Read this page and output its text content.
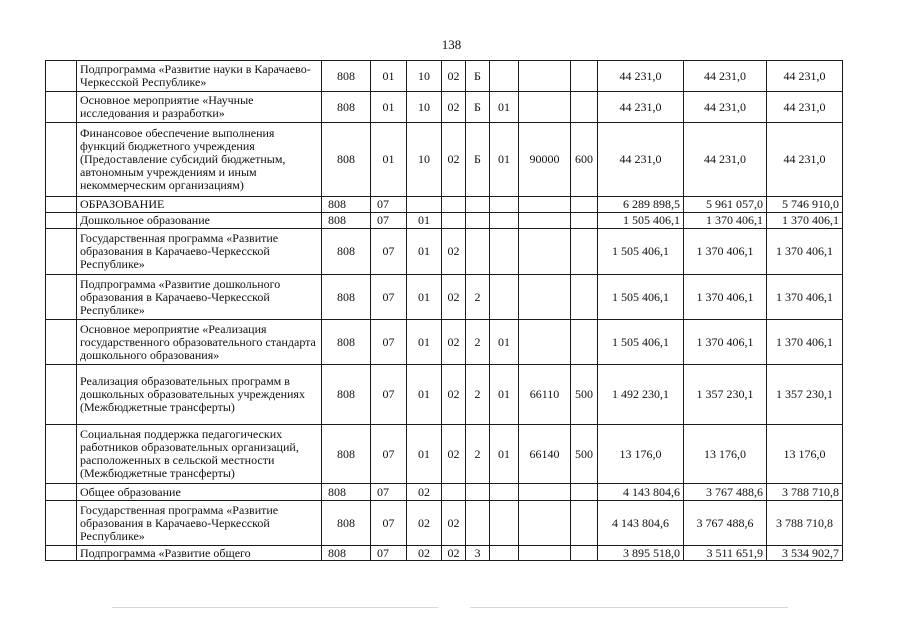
138
	Подпрограмма «Развитие науки в Карачаево-Черкесской Республике»	808	01	10	02	Б				44 231,0	44 231,0	44 231,0
	Основное мероприятие «Научные исследования и разработки»	808	01	10	02	Б	01			44 231,0	44 231,0	44 231,0
	Финансовое обеспечение выполнения функций бюджетного учреждения (Предоставление субсидий бюджетным, автономным учреждениям и иным некоммерческим организациям)	808	01	10	02	Б	01	90000	600	44 231,0	44 231,0	44 231,0
	ОБРАЗОВАНИЕ	808	07							6 289 898,5	5 961 057,0	5 746 910,0
	Дошкольное образование	808	07	01						1 505 406,1	1 370 406,1	1 370 406,1
	Государственная программа «Развитие образования в Карачаево-Черкесской Республике»	808	07	01	02					1 505 406,1	1 370 406,1	1 370 406,1
	Подпрограмма «Развитие дошкольного образования в Карачаево-Черкесской Республике»	808	07	01	02	2				1 505 406,1	1 370 406,1	1 370 406,1
	Основное мероприятие «Реализация государственного образовательного стандарта дошкольного образования»	808	07	01	02	2	01			1 505 406,1	1 370 406,1	1 370 406,1
	Реализация образовательных программ в дошкольных образовательных учреждениях (Межбюджетные трансферты)	808	07	01	02	2	01	66110	500	1 492 230,1	1 357 230,1	1 357 230,1
	Социальная поддержка педагогических работников образовательных организаций, расположенных в сельской местности (Межбюджетные трансферты)	808	07	01	02	2	01	66140	500	13 176,0	13 176,0	13 176,0
	Общее образование	808	07	02						4 143 804,6	3 767 488,6	3 788 710,8
	Государственная программа «Развитие образования в Карачаево-Черкесской Республике»	808	07	02	02					4 143 804,6	3 767 488,6	3 788 710,8
	Подпрограмма «Развитие общего	808	07	02	02	3				3 895 518,0	3 511 651,9	3 534 902,7
